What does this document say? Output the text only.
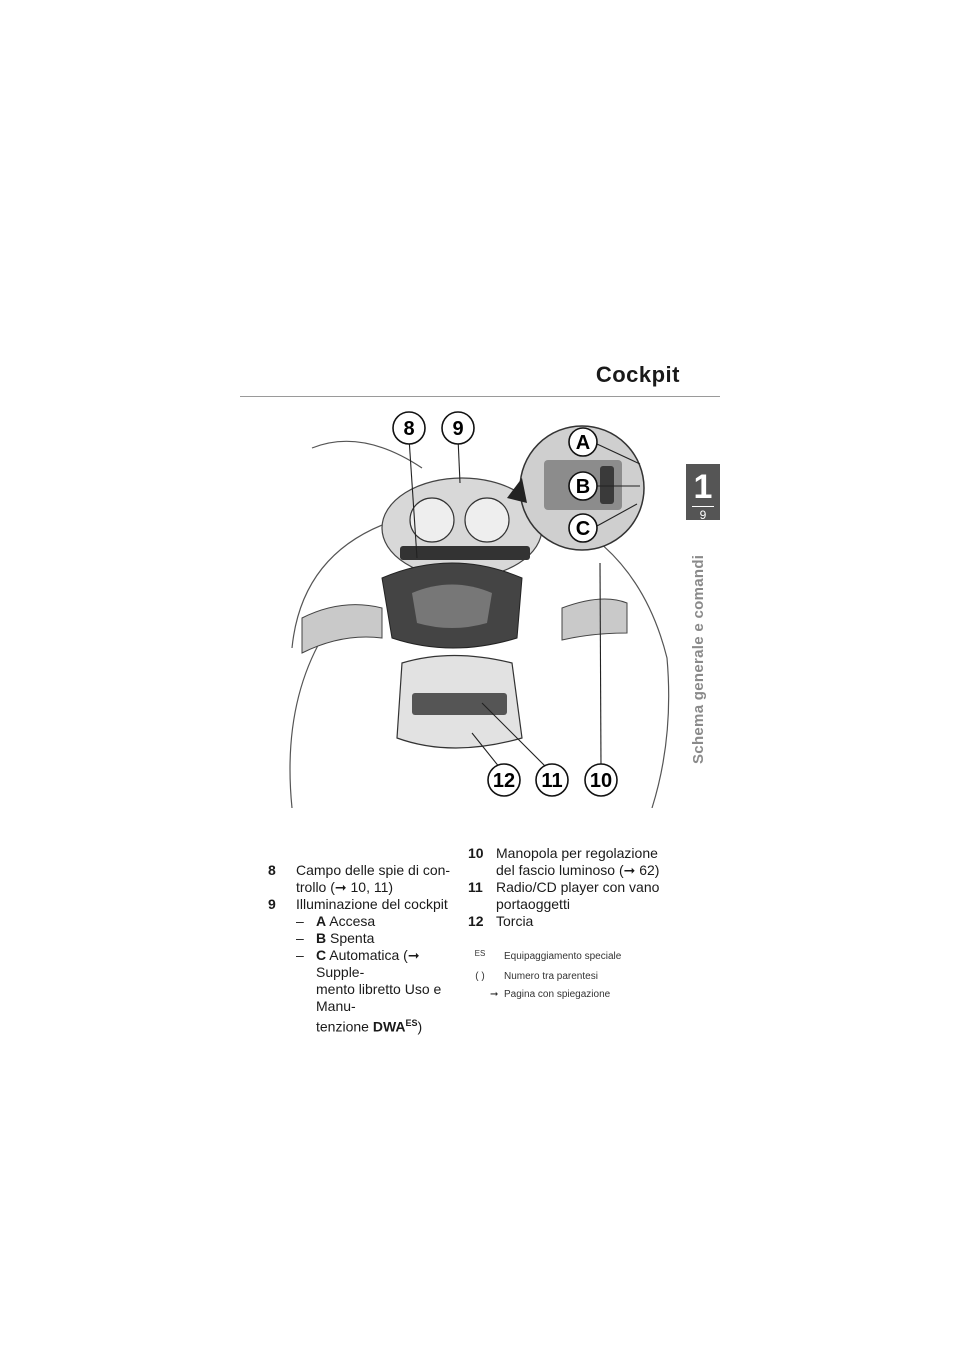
Cockpit
1
9
Schema generale e comandi
8 9
A
B
C
12 11 10
8	Campo delle spie di con-
trollo (➞ 10, 11)
9	Illuminazione del cockpit
– A Accesa
– B Spenta
– C Automatica (➞ Supple-
mento libretto Uso e Manu-
tenzione $DWA^{ES}$)
10 Manopola per regolazione
del fascio luminoso (➞ 62)
11 Radio/CD player con vano
portaoggetti
12 Torcia
ES	Equipaggiamento speciale
( )	Numero tra parentesi
➞ Pagina con spiegazione
